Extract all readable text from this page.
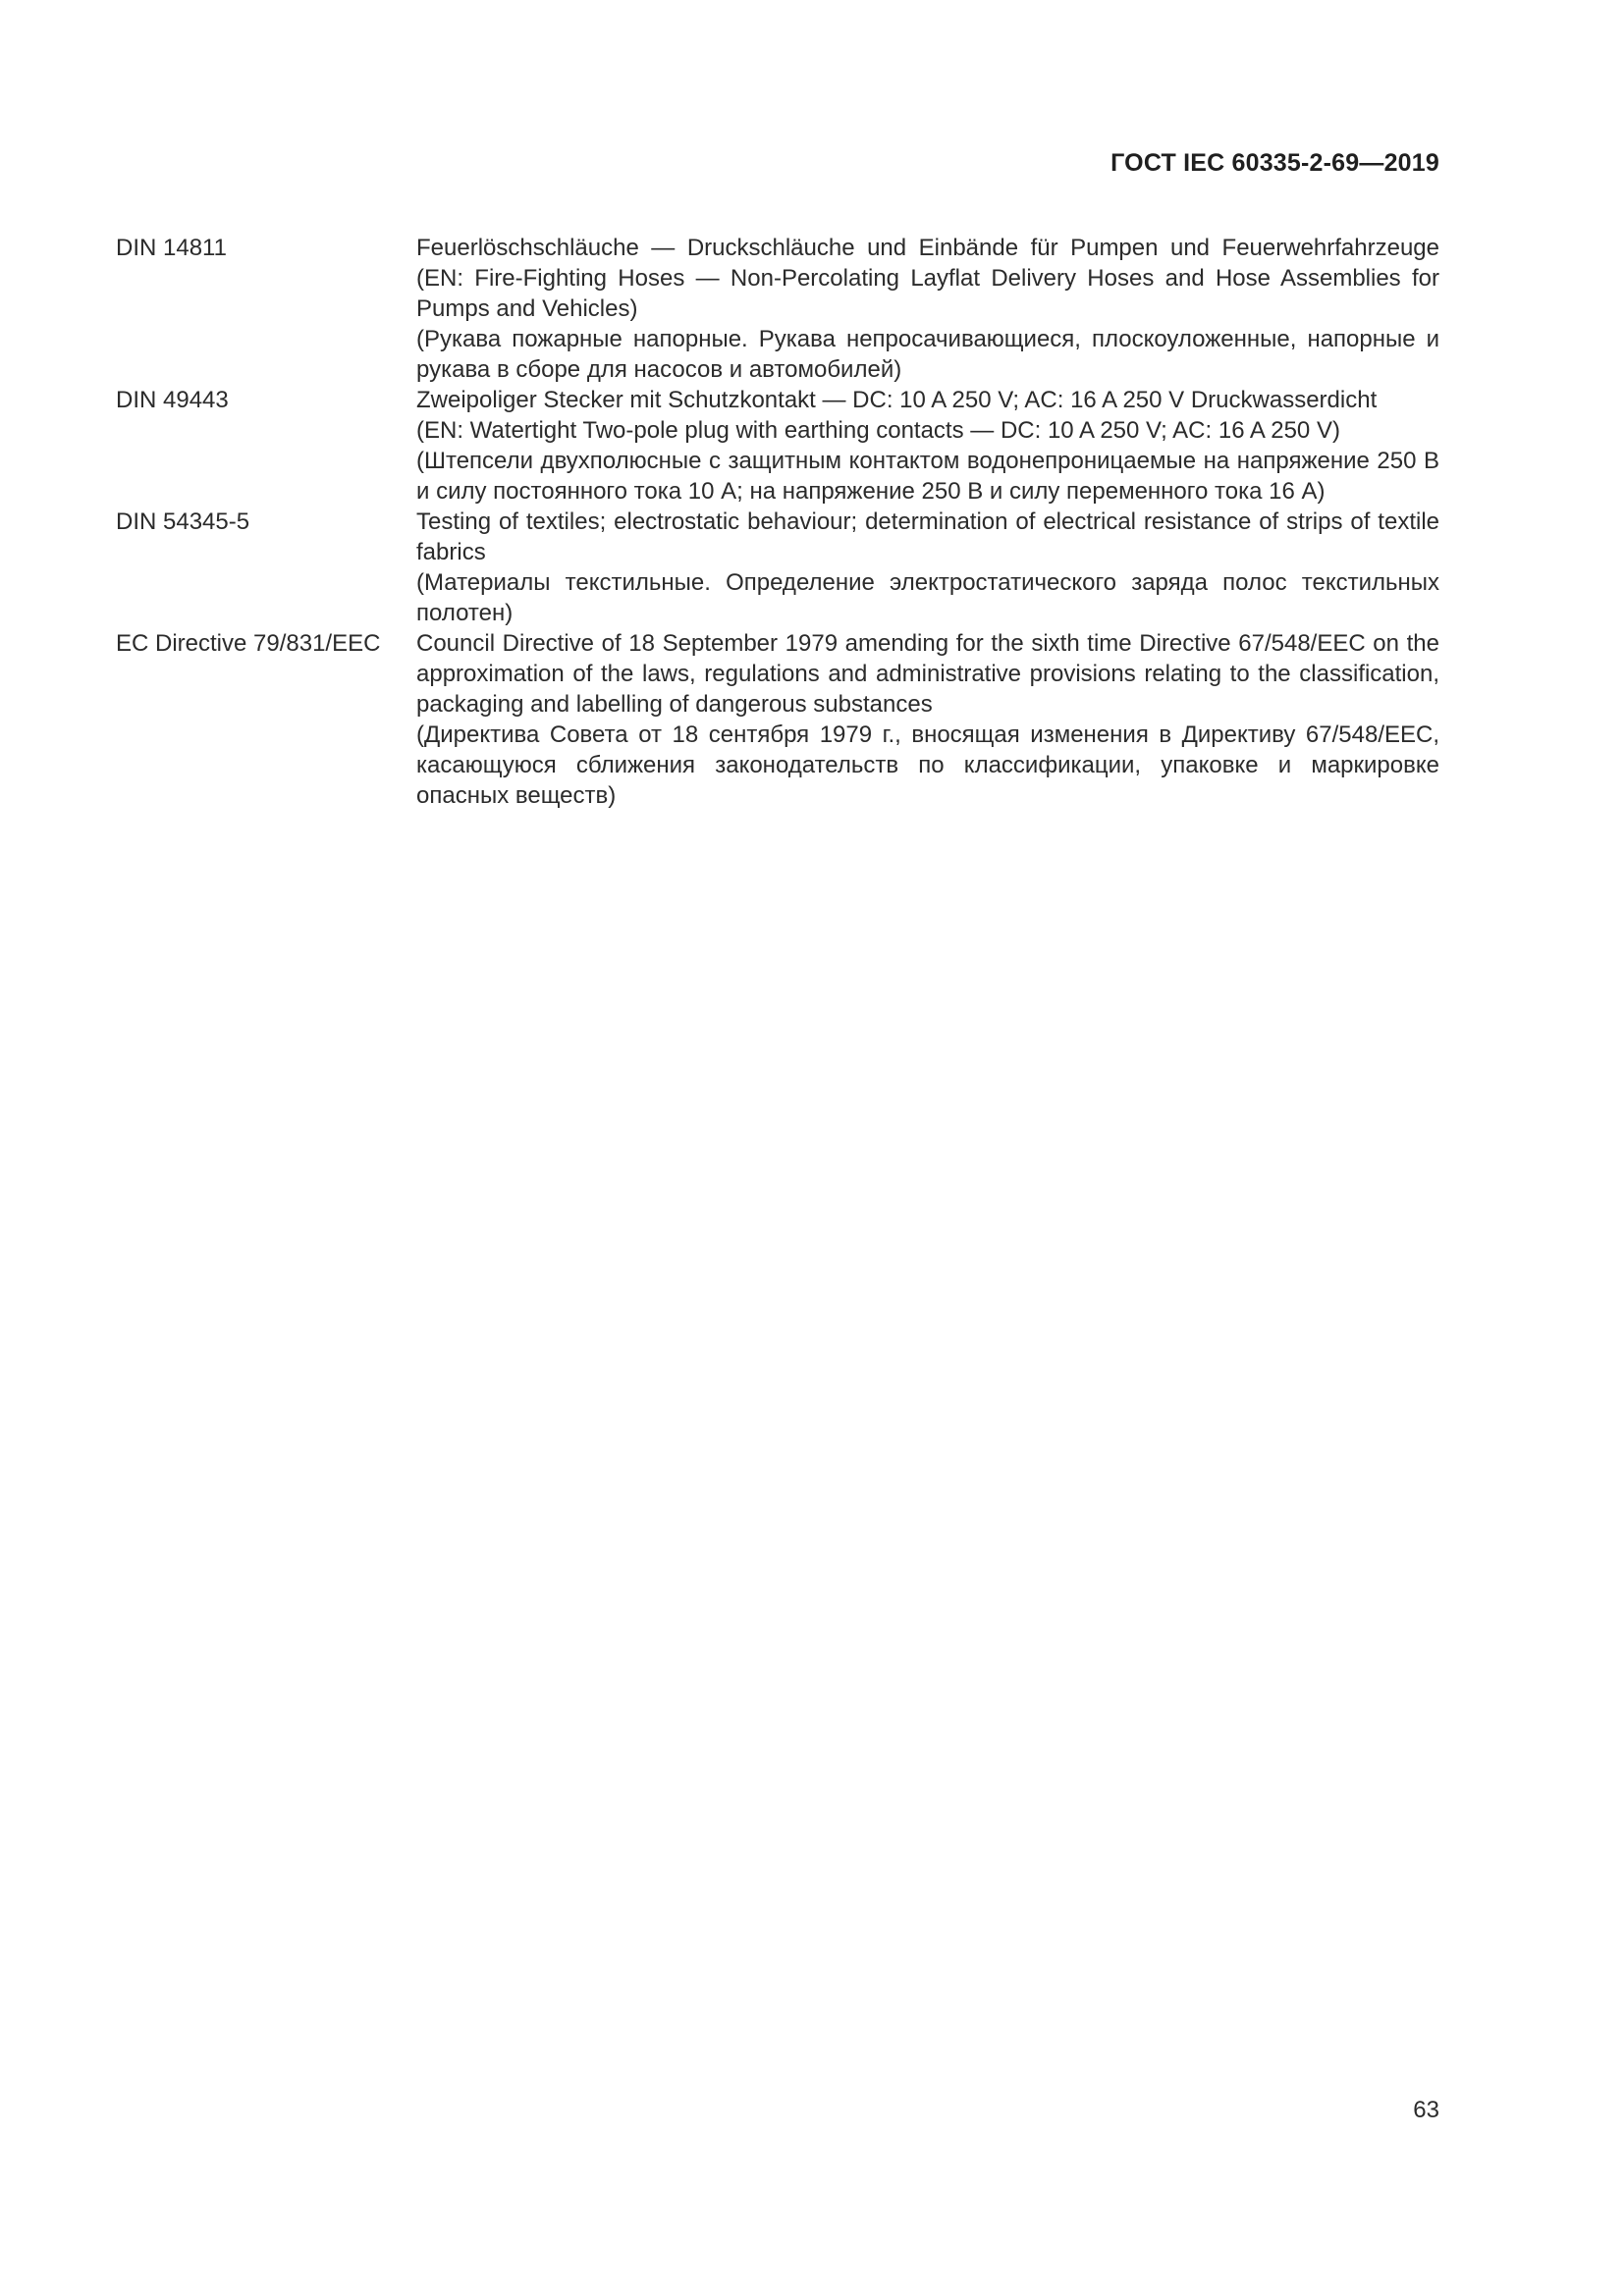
ГОСТ IEC 60335-2-69—2019
DIN 14811	Feuerlöschschläuche — Druckschläuche und Einbände für Pumpen und Feuerwehrfahrzeuge (EN: Fire-Fighting Hoses — Non-Percolating Layflat Delivery Hoses and Hose Assemblies for Pumps and Vehicles)

(Рукава пожарные напорные. Рукава непросачивающиеся, плоскоуложенные, напорные и рукава в сборе для насосов и автомобилей)

DIN 49443	Zweipoliger Stecker mit Schutzkontakt — DC: 10 A 250 V; AC: 16 A 250 V Druckwasserdicht

(EN: Watertight Two-pole plug with earthing contacts — DC: 10 A 250 V; AC: 16 A 250 V)

(Штепсели двухполюсные с защитным контактом водонепроницаемые на напряжение 250 В и силу постоянного тока 10 А; на напряжение 250 В и силу переменного тока 16 А)

DIN 54345-5	Testing of textiles; electrostatic behaviour; determination of electrical resistance of strips of textile fabrics

(Материалы текстильные. Определение электростатического заряда полос текстильных полотен)

EC Directive 79/831/EEC	Council Directive of 18 September 1979 amending for the sixth time Directive 67/548/EEC on the approximation of the laws, regulations and administrative provisions relating to the classification, packaging and labelling of dangerous substances

(Директива Совета от 18 сентября 1979 г., вносящая изменения в Директиву 67/548/EEC, касающуюся сближения законодательств по классификации, упаковке и маркировке опасных веществ)

63
